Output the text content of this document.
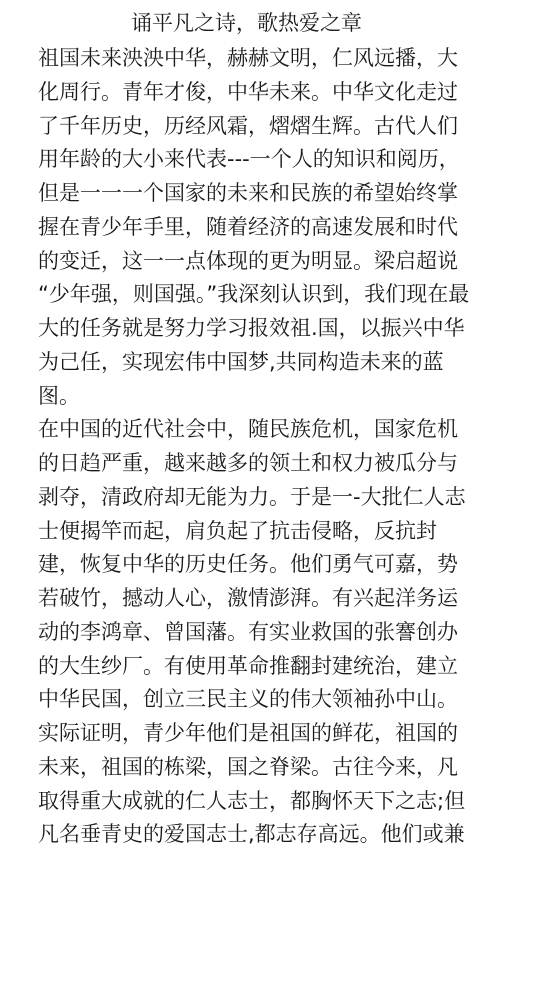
诵平凡之诗，歌热爱之章
祖国未来泱泱中华，赫赫文明，仁风远播，大
化周行。青年才俊，中华未来。中华文化走过
了千年历史，历经风霜，熠熠生辉。古代人们
用年龄的大小来代表---一个人的知识和阅历，
但是一一一个国家的未来和民族的希望始终掌
握在青少年手里，随着经济的高速发展和时代
的变迁，这一一点体现的更为明显。梁启超说
“少年强，则国强。”我深刻认识到，我们现在最
大的任务就是努力学习报效祖.国，以振兴中华
为己任，实现宏伟中国梦,共同构造未来的蓝
图。
在中国的近代社会中，随民族危机，国家危机
的日趋严重，越来越多的领土和权力被瓜分与
剥夺，清政府却无能为力。于是一-大批仁人志
士便揭竿而起，肩负起了抗击侵略，反抗封
建，恢复中华的历史任务。他们勇气可嘉，势
若破竹，撼动人心，激情澎湃。有兴起洋务运
动的李鸿章、曾国藩。有实业救国的张謇创办
的大生纱厂。有使用革命推翻封建统治，建立
中华民国，创立三民主义的伟大领袖孙中山。
实际证明，青少年他们是祖国的鲜花，祖国的
未来，祖国的栋梁，国之脊梁。古往今来，凡
取得重大成就的仁人志士，都胸怀天下之志;但
凡名垂青史的爱国志士,都志存高远。他们或兼
